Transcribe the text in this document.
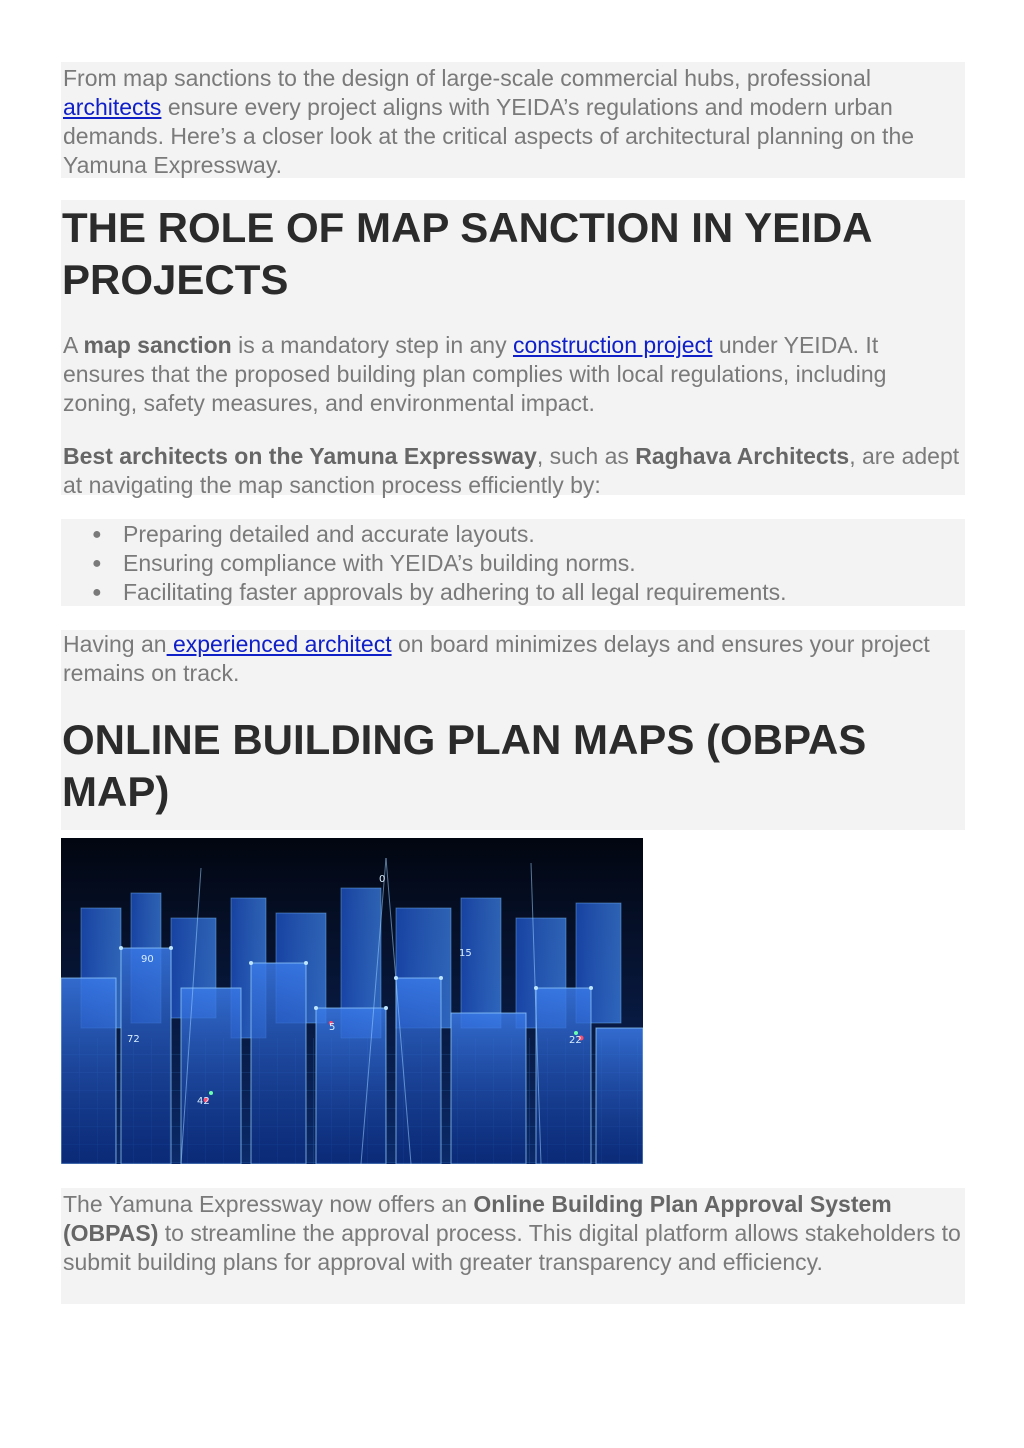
From map sanctions to the design of large-scale commercial hubs, professional architects ensure every project aligns with YEIDA’s regulations and modern urban demands. Here’s a closer look at the critical aspects of architectural planning on the Yamuna Expressway.

THE ROLE OF MAP SANCTION IN YEIDA PROJECTS

A map sanction is a mandatory step in any construction project under YEIDA. It ensures that the proposed building plan complies with local regulations, including zoning, safety measures, and environmental impact.

Best architects on the Yamuna Expressway, such as Raghava Architects, are adept at navigating the map sanction process efficiently by:

● Preparing detailed and accurate layouts.
● Ensuring compliance with YEIDA’s building norms.
● Facilitating faster approvals by adhering to all legal requirements.

Having an experienced architect on board minimizes delays and ensures your project remains on track.

ONLINE BUILDING PLAN MAPS (OBPAS MAP)
0
72
5
42
15
22
90

The Yamuna Expressway now offers an Online Building Plan Approval System (OBPAS) to streamline the approval process. This digital platform allows stakeholders to submit building plans for approval with greater transparency and efficiency.
